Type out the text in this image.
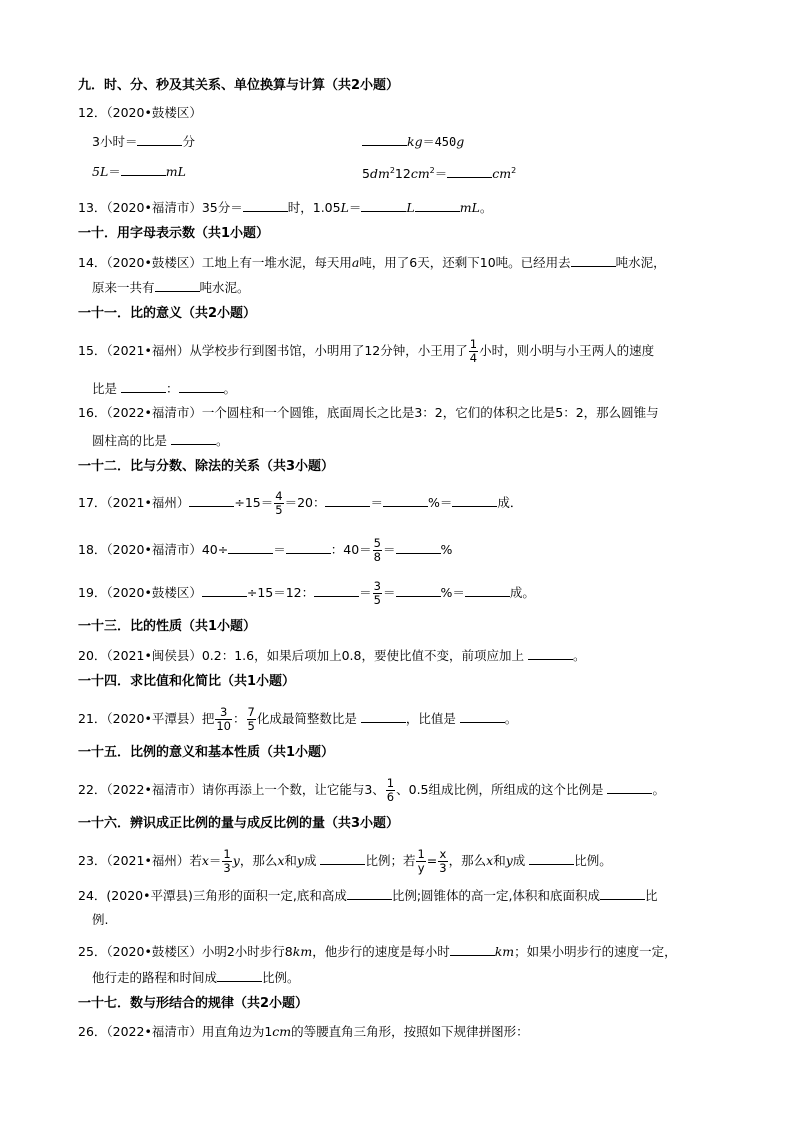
九．时、分、秒及其关系、单位换算与计算（共2小题）
12．（2020•鼓楼区）
3小时＝	分	kg＝450g
5L＝	mL	$5dm^212cm^2=$	$cm^2$
13．（2020•福清市）35分＝	时，1.05L＝	L	mL。
一十．用字母表示数（共1小题）
14．（2020•鼓楼区）工地上有一堆水泥，每天用a吨，用了6天，还剩下10吨。已经用去	吨水泥，
原来一共有	吨水泥。
一十一．比的意义（共2小题）
15．（2021•福州）从学校步行到图书馆，小明用了12分钟，小王用了 $\frac{1}{4}$ 小时，则小明与小王两人的速度
比是	：	。
16．（2022•福清市）一个圆柱和一个圆锥，底面周长之比是3：2，它们的体积之比是5：2，那么圆锥与
圆柱高的比是	。
一十二．比与分数、除法的关系（共3小题）
17．（2021•福州）	$\div 15= \frac{4}{5} =20$：	＝	%＝	成．
18．（2020•福清市）40÷	＝	：$40= \frac{5}{8}$ ＝	%
19．（2020•鼓楼区）	÷15＝12：	＝ $\frac{3}{5}$ ＝	%＝	成。
一十三．比的性质（共1小题）
20．（2021•闽侯县）0.2：1.6，如果后项加上0.8，要使比值不变，前项应加上	。
一十四．求比值和化简比（共1小题）
21．（2020•平潭县）把 $\frac{3}{10}$ ： $\frac{7}{5}$ 化成最简整数比是	，比值是	。
一十五．比例的意义和基本性质（共1小题）
22．（2022•福清市）请你再添上一个数，让它能与3、 $\frac{1}{6}$ 、0.5组成比例，所组成的这个比例是	。
一十六．辨识成正比例的量与成反比例的量（共3小题）
23．（2021•福州）若$x= \frac{1}{3}$ y，那么x和y成	比例；若 $\frac{1}{y} = \frac{x}{3}$ ，那么x和y成	比例。
24．(2020•平潭县)三角形的面积一定,底和高成	比例;圆锥体的高一定,体积和底面积成	比
例.
25．（2020•鼓楼区）小明2小时步行8km，他步行的速度是每小时	km；如果小明步行的速度一定，
他行走的路程和时间成	比例。
一十七．数与形结合的规律（共2小题）
26．（2022•福清市）用直角边为1cm的等腰直角三角形，按照如下规律拼图形：
